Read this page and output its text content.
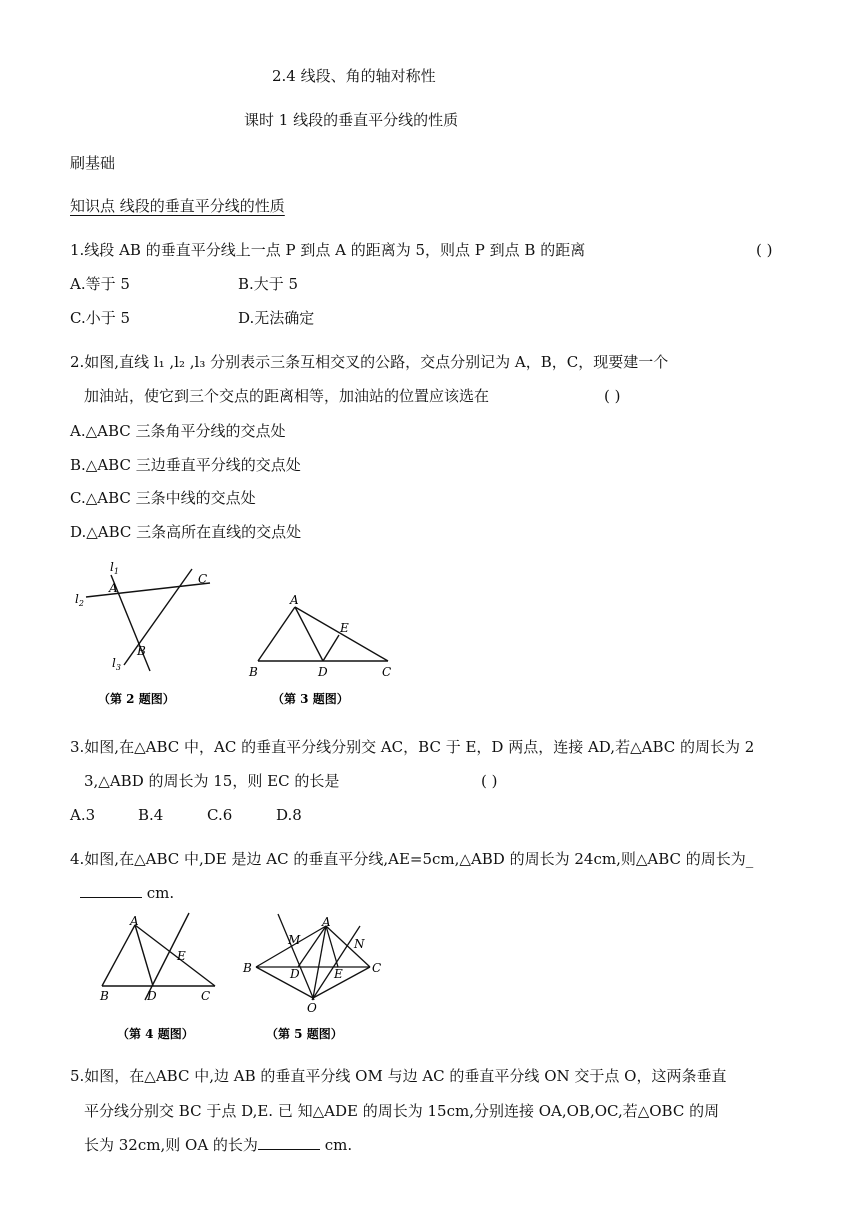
2.4 线段、角的轴对称性
课时 1 线段的垂直平分线的性质
刷基础
知识点 线段的垂直平分线的性质
1.线段 AB 的垂直平分线上一点 P 到点 A 的距离为 5，则点 P 到点 B 的距离	( )
A.等于 5	B.大于 5
C.小于 5	D.无法确定
2.如图,直线 l₁ ,l₂ ,l₃ 分别表示三条互相交叉的公路，交点分别记为 A，B，C，现要建一个
加油站，使它到三个交点的距离相等，加油站的位置应该选在	( )
A.△ABC 三条角平分线的交点处
B.△ABC 三边垂直平分线的交点处
C.△ABC 三条中线的交点处
D.△ABC 三条高所在直线的交点处
$l_1$
$l_2$
$l_3$
A
B
C
（第 2 题图）
A
B	C
D
E
（第 3 题图）
3.如图,在△ABC 中，AC 的垂直平分线分别交 AC，BC 于 E，D 两点，连接 AD,若△ABC 的周长为 2
3,△ABD 的周长为 15，则 EC 的长是	( )
A.3	B.4	C.6	D.8
4.如图,在△ABC 中,DE 是边 AC 的垂直平分线,AE=5cm,△ABD 的周长为 24cm,则△ABC 的周长为_
cm.
A
B	C
D
E
（第 4 题图）
A
B	C
D	E
M	N
O
（第 5 题图）
5.如图，在△ABC 中,边 AB 的垂直平分线 OM 与边 AC 的垂直平分线 ON 交于点 O，这两条垂直
平分线分别交 BC 于点 D,E. 已 知△ADE 的周长为 15cm,分别连接 OA,OB,OC,若△OBC 的周
长为 32cm,则 OA 的长为	cm.
